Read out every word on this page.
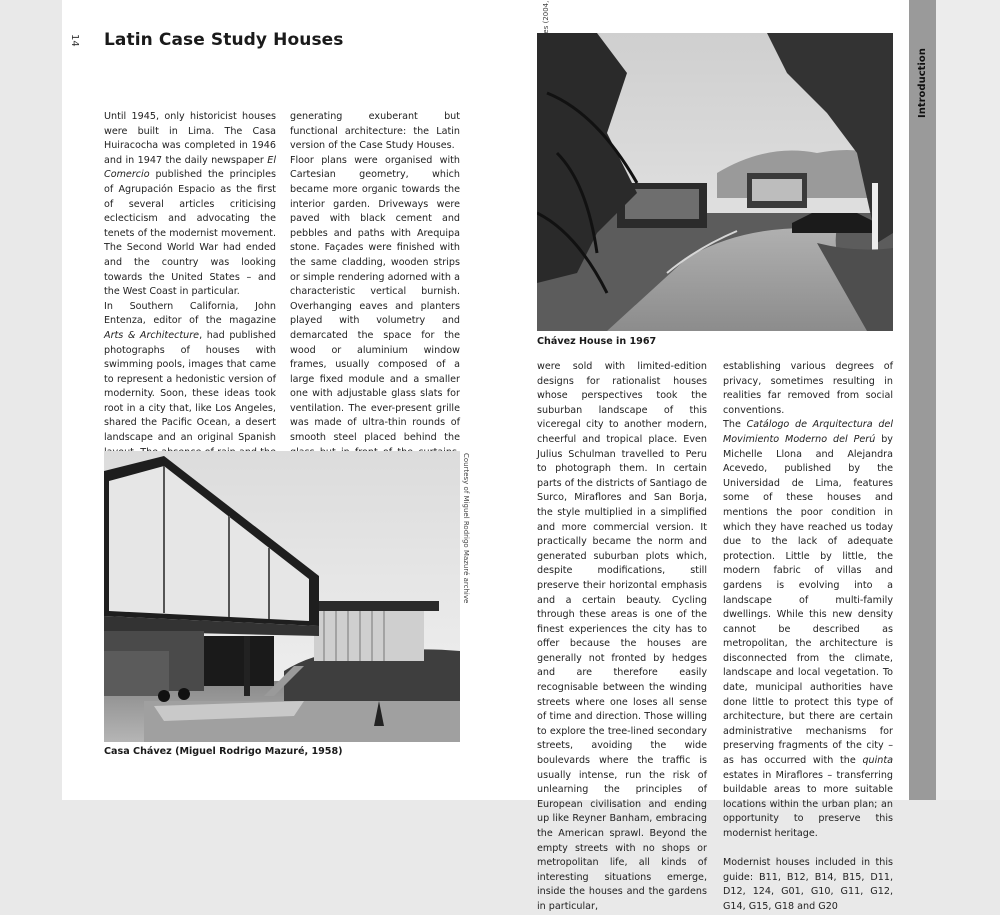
14 Latin Case Study Houses

Until 1945, only historicist houses were built in Lima. The Casa Huiracocha was completed in 1946 and in 1947 the daily newspaper El Comercio published the principles of Agrupación Espacio as the first of several articles criticising eclecticism and advocating the tenets of the modernist movement. The Second World War had ended and the country was looking towards the United States – and the West Coast in particular.

In Southern California, John Entenza, editor of the magazine Arts & Architecture, had published photographs of houses with swimming pools, images that came to represent a hedonistic version of modernity. Soon, these ideas took root in a city that, like Los Angeles, shared the Pacific Ocean, a desert landscape and an original Spanish

generating exuberant but functional architecture: the Latin version of the Case Study Houses.

Floor plans were organised with Cartesian geometry, which became more organic towards the interior garden. Driveways were paved with black cement and pebbles and paths with Arequipa stone. Façades were finished with the same cladding, wooden strips or simple rendering adorned with a characteristic vertical burnish. Overhanging eaves and planters played with volumetry and demarcated the space for the wood or aluminium window frames, usually composed of a large fixed module and a smaller one with adjustable glass slats for ventilation. The ever-present grille was made of ultra-thin rounds of smooth steel placed behind the

Courtesy of Miguel Rodrigo Mazuré archive
Casa Chávez (Miguel Rodrigo Mazuré, 1958)
Chávez House in 1967

were sold with limited-edition designs for rationalist houses whose perspectives took the suburban landscape of this viceregal city to another modern, cheerful and tropical place. Even Julius Schulman travelled to Peru to photograph them. In certain parts of the districts of Santiago de Surco, Miraflores and San Borja, the style multiplied in a simplified and more commercial version. It practically became the norm and generated suburban plots which, despite modifications, still preserve their horizontal emphasis and a certain beauty. Cycling through these areas is one of the finest experiences the city has to offer because the houses are generally not fronted by hedges and are therefore easily recognisable between the winding streets where one loses all sense of time and direction. Those willing to explore the tree-lined secondary streets, avoiding the wide boulevards where the traffic is usually intense, run the risk of unlearning the principles of European civilisation and ending up like Reyner Banham, embracing the American sprawl. Beyond the empty streets with no shops or metropolitan life, all kinds of interesting situations emerge, inside the houses and the gardens in particular,

establishing various degrees of privacy, sometimes resulting in realities far removed from social conventions.

The Catálogo de Arquitectura del Movimiento Moderno del Perú by Michelle Llona and Alejandra Acevedo, published by the Universidad de Lima, features some of these houses and mentions the poor condition in which they have reached us today due to the lack of adequate protection. Little by little, the modern fabric of villas and gardens is evolving into a landscape of multi-family dwellings. While this new density cannot be described as metropolitan, the architecture is disconnected from the climate, landscape and local vegetation. To date, municipal authorities have done little to protect this type of architecture, but there are certain administrative mechanisms for preserving fragments of the city – as has occurred with the quinta estates in Miraflores – transferring buildable areas to more suitable locations within the urban plan; an opportunity to preserve this modernist heritage.

Modernist houses included in this guide: B11, B12, B14, B15, D11, D12, 124, G01, G10, G11, G12, G14, G15, G18 and G20

Introduction
